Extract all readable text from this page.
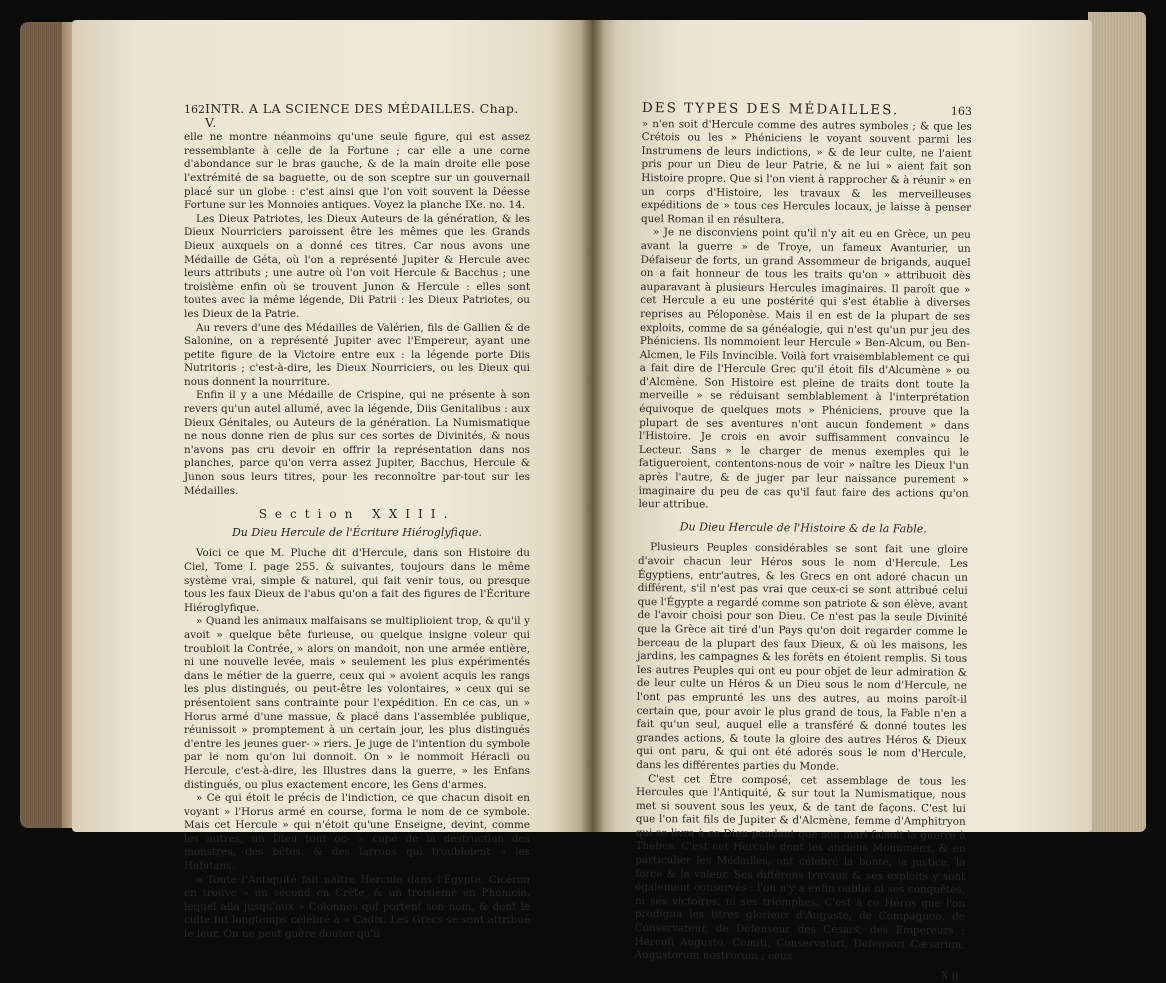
162 INTR. A LA SCIENCE DES MÉDAILLES. Chap. V.

elle ne montre néanmoins qu'une seule figure, qui est assez ressemblante à celle de la Fortune ; car elle a une corne d'abondance sur le bras gauche, & de la main droite elle pose l'extrémité de sa baguette, ou de son sceptre sur un gouvernail placé sur un globe : c'est ainsi que l'on voit souvent la Déesse Fortune sur les Monnoies antiques. Voyez la planche IXe. no. 14.

Les Dieux Patriotes, les Dieux Auteurs de la génération, & les Dieux Nourriciers paroissent être les mêmes que les Grands Dieux auxquels on a donné ces titres. Car nous avons une Médaille de Géta, où l'on a représenté Jupiter & Hercule avec leurs attributs ; une autre où l'on voit Hercule & Bacchus ; une troisième enfin où se trouvent Junon & Hercule : elles sont toutes avec la même légende, Dii Patrii : les Dieux Patriotes, ou les Dieux de la Patrie.

Au revers d'une des Médailles de Valérien, fils de Gallien & de Salonine, on a représenté Jupiter avec l'Empereur, ayant une petite figure de la Victoire entre eux : la légende porte Diis Nutritoris ; c'est-à-dire, les Dieux Nourriciers, ou les Dieux qui nous donnent la nourriture.

Enfin il y a une Médaille de Crispine, qui ne présente à son revers qu'un autel allumé, avec la légende, Diis Genitalibus : aux Dieux Génitales, ou Auteurs de la génération. La Numismatique ne nous donne rien de plus sur ces sortes de Divinités, & nous n'avons pas cru devoir en offrir la représentation dans nos planches, parce qu'on verra assez Jupiter, Bacchus, Hercule & Junon sous leurs titres, pour les reconnoître par-tout sur les Médailles.

Section XXIII.
Du Dieu Hercule de l'Écriture Hiéroglyfique.

Voici ce que M. Pluche dit d'Hercule, dans son Histoire du Ciel, Tome I. page 255. & suivantes, toujours dans le même système vrai, simple & naturel, qui fait venir tous, ou presque tous les faux Dieux de l'abus qu'on a fait des figures de l'Écriture Hiéroglyfique.

» Quand les animaux malfaisans se multiplioient trop, & qu'il y avoit » quelque bête furieuse, ou quelque insigne voleur qui troubloit la Contrée, » alors on mandoit, non une armée entière, ni une nouvelle levée, mais » seulement les plus expérimentés dans le métier de la guerre, ceux qui » avoient acquis les rangs les plus distingués, ou peut-être les volontaires, » ceux qui se présentoient sans contrainte pour l'expédition. En ce cas, un » Horus armé d'une massue, & placé dans l'assemblée publique, réunissoit » promptement à un certain jour, les plus distingués d'entre les jeunes guer- » riers. Je juge de l'intention du symbole par le nom qu'on lui donnoit. On » le nommoit Héracli ou Hercule, c'est-à-dire, les Illustres dans la guerre, » les Enfans distingués, ou plus exactement encore, les Gens d'armes.

» Ce qui étoit le précis de l'indiction, ce que chacun disoit en voyant » l'Horus armé en course, forma le nom de ce symbole. Mais cet Hercule » qui n'étoit qu'une Enseigne, devint, comme les autres, un Dieu tout oc- » cupé de la destruction des monstres, des bêtes, & des larrons qui troubloient » les Habitans.

» Toute l'Antiquité fait naître Hercule dans l'Égypte. Cicéron en trouve » un second en Crète, & un troisième en Phénicie, lequel alla jusqu'aux » Colonnes qui portent son nom, & dont le culte fut longtemps célébré à » Cadix. Les Grecs se sont attribué le leur. On ne peut guère douter qu'il

DES TYPES DES MÉDAILLES.	163

» n'en soit d'Hercule comme des autres symboles ; & que les Crétois ou les » Phéniciens le voyant souvent parmi les Instrumens de leurs indictions, » & de leur culte, ne l'aient pris pour un Dieu de leur Patrie, & ne lui » aient fait son Histoire propre. Que si l'on vient à rapprocher & à réunir » en un corps d'Histoire, les travaux & les merveilleuses expéditions de » tous ces Hercules locaux, je laisse à penser quel Roman il en résultera.

» Je ne disconviens point qu'il n'y ait eu en Grèce, un peu avant la guerre » de Troye, un fameux Avanturier, un Défaiseur de forts, un grand Assommeur de brigands, auquel on a fait honneur de tous les traits qu'on » attribuoit dès auparavant à plusieurs Hercules imaginaires. Il paroît que » cet Hercule a eu une postérité qui s'est établie à diverses reprises au Péloponèse. Mais il en est de la plupart de ses exploits, comme de sa généalogie, qui n'est qu'un pur jeu des Phéniciens. Ils nommoient leur Hercule » Ben-Alcum, ou Ben-Alcmen, le Fils Invincible. Voilà fort vraisemblablement ce qui a fait dire de l'Hercule Grec qu'il étoit fils d'Alcumène » ou d'Alcmène. Son Histoire est pleine de traits dont toute la merveille » se réduisant semblablement à l'interprétation équivoque de quelques mots » Phéniciens, prouve que la plupart de ses aventures n'ont aucun fondement » dans l'Histoire. Je crois en avoir suffisamment convaincu le Lecteur. Sans » le charger de menus exemples qui le fatigueroient, contentons-nous de voir » naître les Dieux l'un après l'autre, & de juger par leur naissance purement » imaginaire du peu de cas qu'il faut faire des actions qu'on leur attribue.

Du Dieu Hercule de l'Histoire & de la Fable.

Plusieurs Peuples considérables se sont fait une gloire d'avoir chacun leur Héros sous le nom d'Hercule. Les Égyptiens, entr'autres, & les Grecs en ont adoré chacun un différent, s'il n'est pas vrai que ceux-ci se sont attribué celui que l'Égypte a regardé comme son patriote & son élève, avant de l'avoir choisi pour son Dieu. Ce n'est pas la seule Divinité que la Grèce ait tiré d'un Pays qu'on doit regarder comme le berceau de la plupart des faux Dieux, & où les maisons, les jardins, les campagnes & les forêts en étoient remplis. Si tous les autres Peuples qui ont eu pour objet de leur admiration & de leur culte un Héros & un Dieu sous le nom d'Hercule, ne l'ont pas emprunté les uns des autres, au moins paroît-il certain que, pour avoir le plus grand de tous, la Fable n'en a fait qu'un seul, auquel elle a transféré & donné toutes les grandes actions, & toute la gloire des autres Héros & Dieux qui ont paru, & qui ont été adorés sous le nom d'Hercule, dans les différentes parties du Monde.

C'est cet Être composé, cet assemblage de tous les Hercules que l'Antiquité, & sur tout la Numismatique, nous met si souvent sous les yeux, & de tant de façons. C'est lui que l'on fait fils de Jupiter & d'Alcmène, femme d'Amphitryon qui se livra à ce Dieu pendant que son mari faisoit la guerre à Thèbes. C'est cet Hercule dont les anciens Monumens, & en particulier les Médailles, ont célébré la bonté, la justice, la force & la valeur. Ses différens travaux & ses exploits y sont également conservés : l'on n'y a enfin oublié ni ses conquêtes, ni ses victoires, ni ses triomphes. C'est à ce Héros que l'on prodigua les titres glorieux d'Auguste, de Compagnon, de Conservateur, de Défenseur des Césars, des Empereurs ; Herculi Augusto, Comiti, Conservatori, Defensori Cæsarum, Augustorum nostrorum ; ceux

X ij
